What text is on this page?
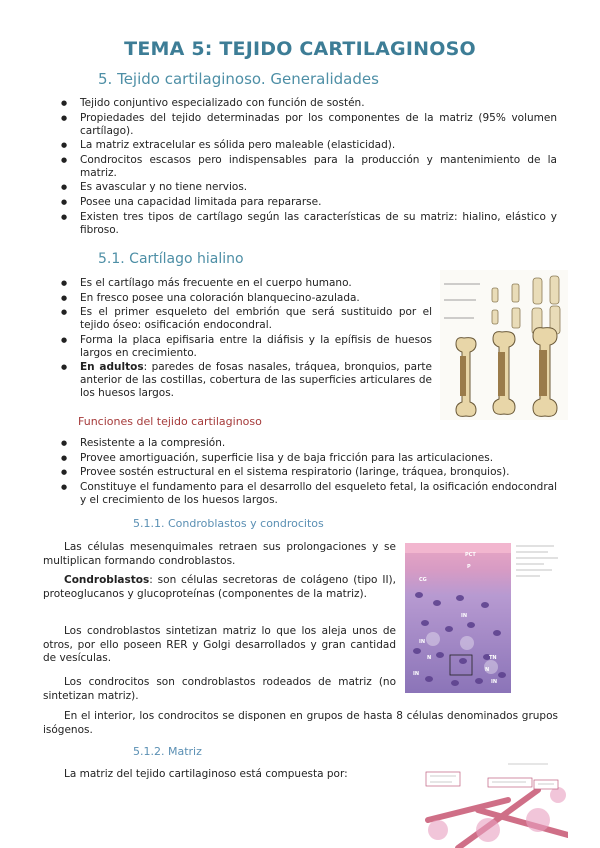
TEMA 5: TEJIDO CARTILAGINOSO
5. Tejido cartilaginoso. Generalidades
● Tejido conjuntivo especializado con función de sostén.
● Propiedades del tejido determinadas por los componentes de la matriz (95% volumen cartílago).
● La matriz extracelular es sólida pero maleable (elasticidad).
● Condrocitos escasos pero indispensables para la producción y mantenimiento de la matriz.
● Es avascular y no tiene nervios.
● Posee una capacidad limitada para repararse.
● Existen tres tipos de cartílago según las características de su matriz: hialino, elástico y fibroso.
5.1. Cartílago hialino
● Es el cartílago más frecuente en el cuerpo humano.
● En fresco posee una coloración blanquecino-azulada.
● Es el primer esqueleto del embrión que será sustituido por el tejido óseo: osificación endocondral.
● Forma la placa epifisaria entre la diáfisis y la epífisis de huesos largos en crecimiento.
● En adultos: paredes de fosas nasales, tráquea, bronquios, parte anterior de las costillas, cobertura de las superficies articulares de los huesos largos.
Funciones del tejido cartilaginoso
● Resistente a la compresión.
● Provee amortiguación, superficie lisa y de baja fricción para las articulaciones.
● Provee sostén estructural en el sistema respiratorio (laringe, tráquea, bronquios).
● Constituye el fundamento para el desarrollo del esqueleto fetal, la osificación endocondral y el crecimiento de los huesos largos.
5.1.1. Condroblastos y condrocitos

Las células mesenquimales retraen sus prolongaciones y se multiplican formando condroblastos.

Condroblastos: son células secretoras de colágeno (tipo II), proteoglucanos y glucoproteínas (componentes de la matriz).

Los condroblastos sintetizan matriz lo que los aleja unos de otros, por ello poseen RER y Golgi desarrollados y gran cantidad de vesículas.

Los condrocitos son condroblastos rodeados de matriz (no sintetizan matriz).

En el interior, los condrocitos se disponen en grupos de hasta 8 células denominados grupos isógenos.

PCT
P
CG
IN
IN
N	TN
N
IN
IN
5.1.2. Matriz

La matriz del tejido cartilaginoso está compuesta por:
